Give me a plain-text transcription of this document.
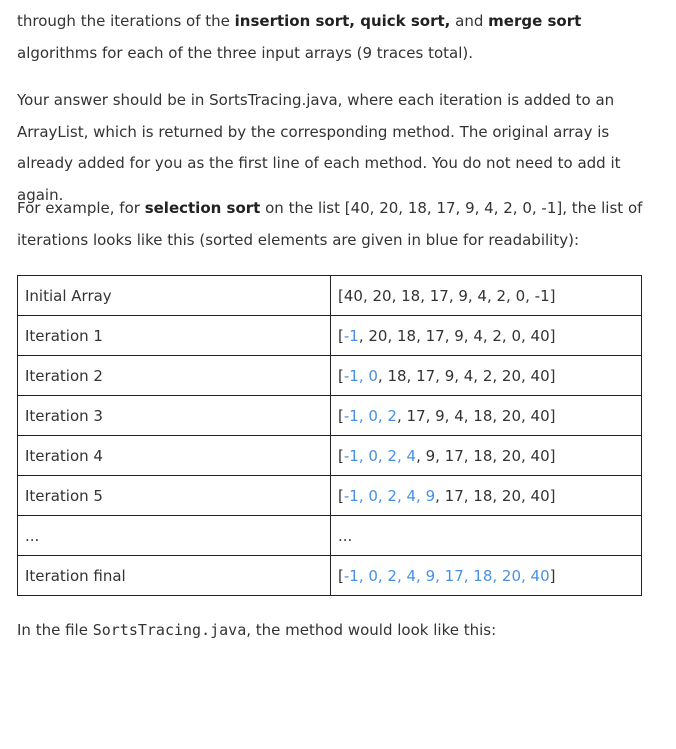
through the iterations of the insertion sort, quick sort, and merge sort algorithms for each of the three input arrays (9 traces total).

Your answer should be in SortsTracing.java, where each iteration is added to an ArrayList, which is returned by the corresponding method. The original array is already added for you as the first line of each method. You do not need to add it again.

For example, for selection sort on the list [40, 20, 18, 17, 9, 4, 2, 0, -1], the list of iterations looks like this (sorted elements are given in blue for readability):

Initial Array	[40, 20, 18, 17, 9, 4, 2, 0, -1]
Iteration 1	[-1, 20, 18, 17, 9, 4, 2, 0, 40]
Iteration 2	[-1, 0, 18, 17, 9, 4, 2, 20, 40]
Iteration 3	[-1, 0, 2, 17, 9, 4, 18, 20, 40]
Iteration 4	[-1, 0, 2, 4, 9, 17, 18, 20, 40]
Iteration 5	[-1, 0, 2, 4, 9, 17, 18, 20, 40]
...	...
Iteration final	[-1, 0, 2, 4, 9, 17, 18, 20, 40]

In the file SortsTracing.java, the method would look like this:
